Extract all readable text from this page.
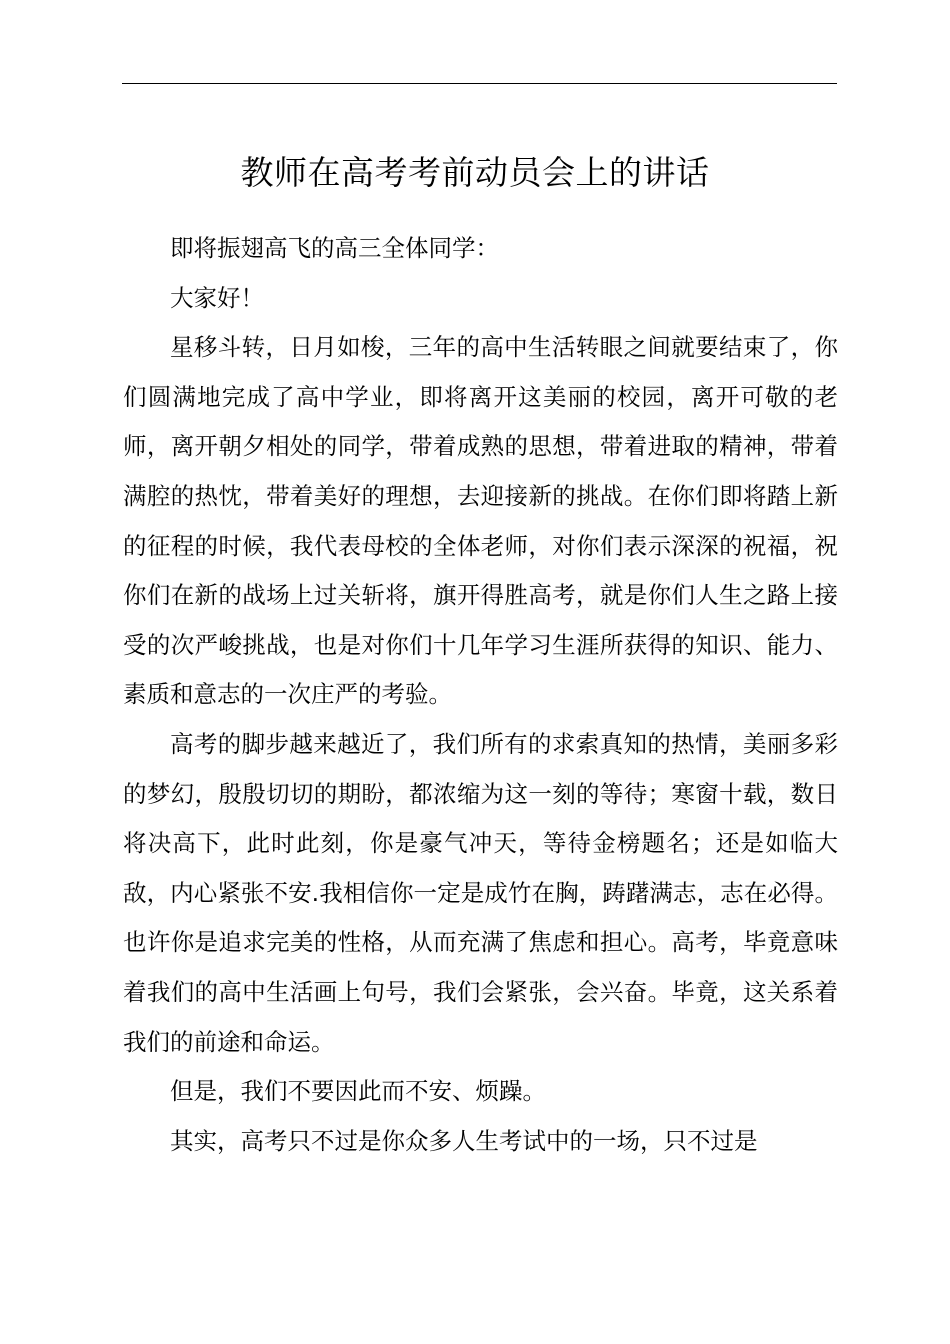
教师在高考考前动员会上的讲话

即将振翅高飞的高三全体同学：

大家好！

星移斗转，日月如梭，三年的高中生活转眼之间就要结束了，你们圆满地完成了高中学业，即将离开这美丽的校园，离开可敬的老师，离开朝夕相处的同学，带着成熟的思想，带着进取的精神，带着满腔的热忱，带着美好的理想，去迎接新的挑战。在你们即将踏上新的征程的时候，我代表母校的全体老师，对你们表示深深的祝福，祝你们在新的战场上过关斩将，旗开得胜高考，就是你们人生之路上接受的次严峻挑战，也是对你们十几年学习生涯所获得的知识、能力、素质和意志的一次庄严的考验。

高考的脚步越来越近了，我们所有的求索真知的热情，美丽多彩的梦幻，殷殷切切的期盼，都浓缩为这一刻的等待；寒窗十载，数日将决高下，此时此刻，你是豪气冲天，等待金榜题名；还是如临大敌，内心紧张不安.我相信你一定是成竹在胸，踌躇满志，志在必得。也许你是追求完美的性格，从而充满了焦虑和担心。高考，毕竟意味着我们的高中生活画上句号，我们会紧张，会兴奋。毕竟，这关系着我们的前途和命运。

但是，我们不要因此而不安、烦躁。

其实，高考只不过是你众多人生考试中的一场，只不过是
